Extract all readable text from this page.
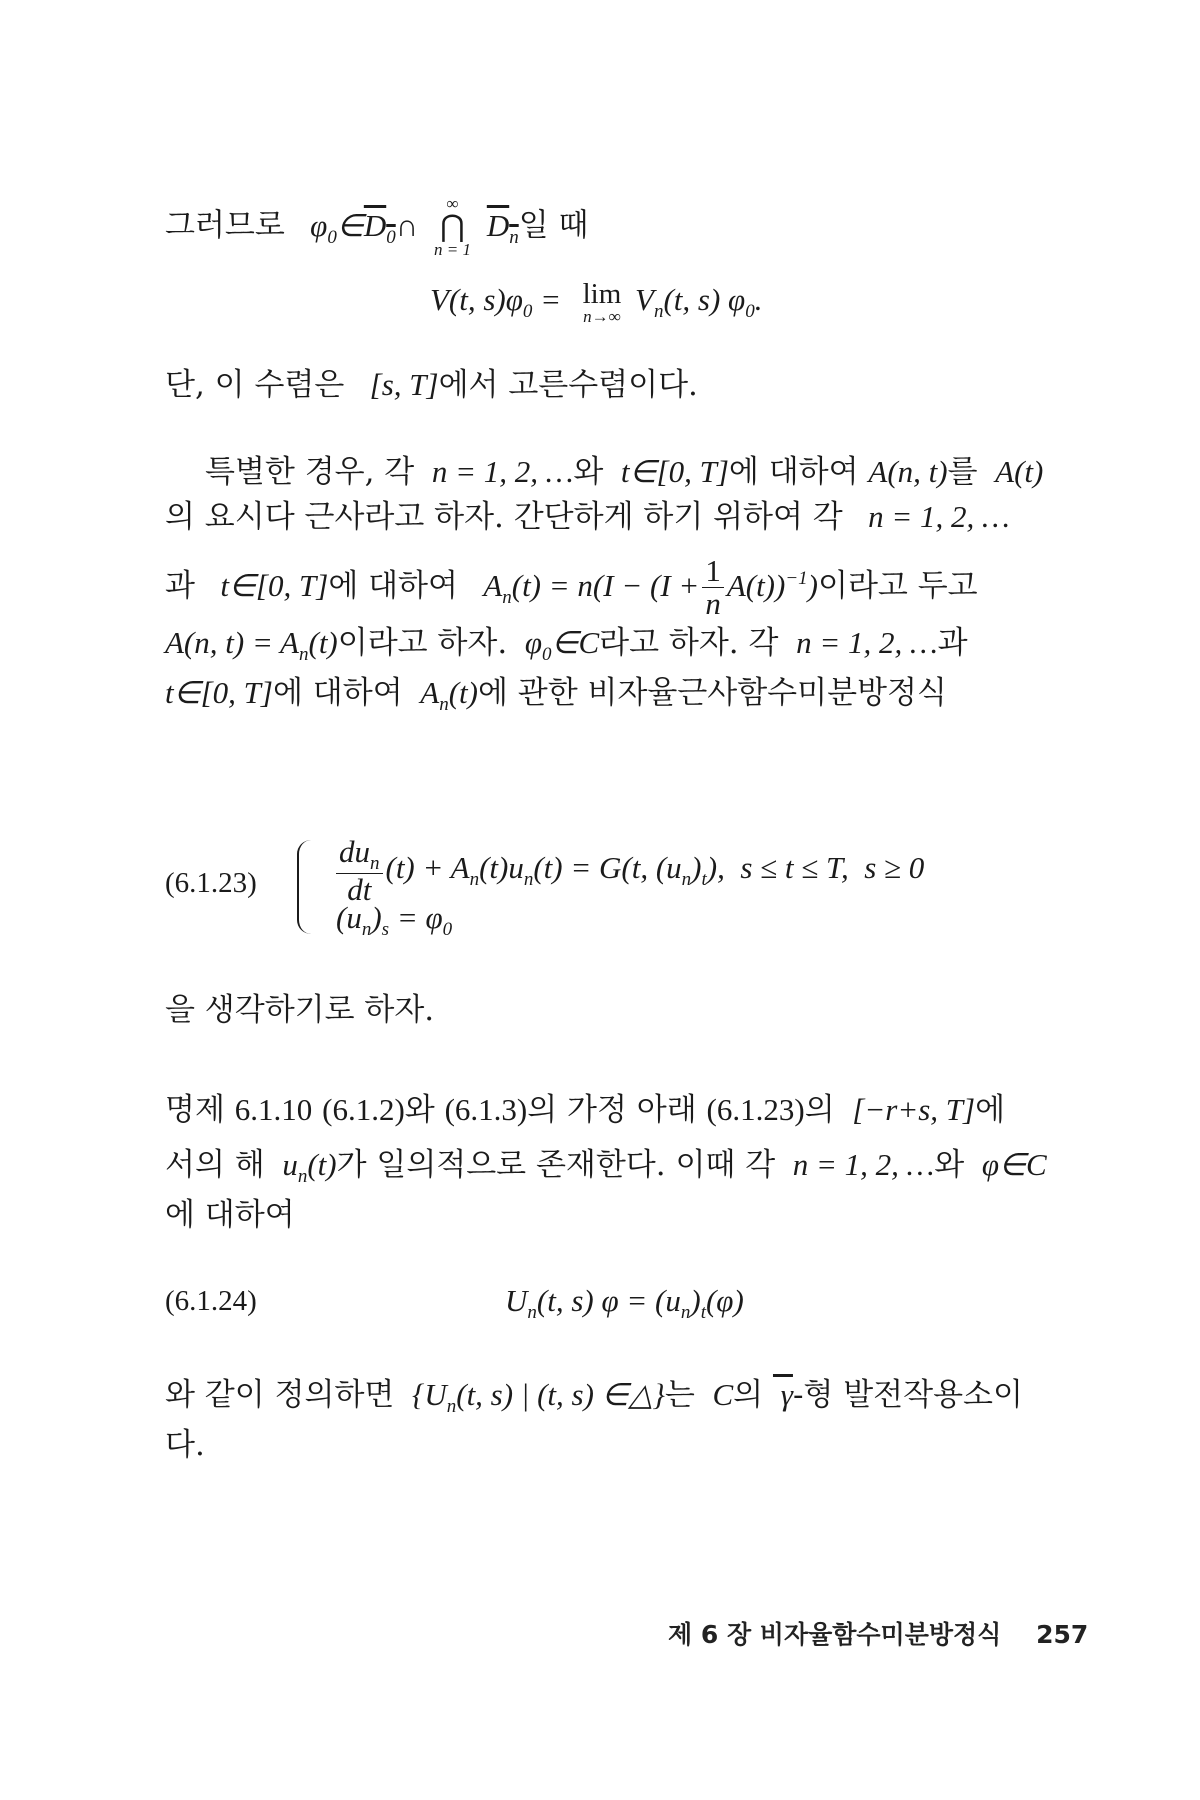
그러므로   $\varphi_0\in D_0\cap$
∞
⋂
n = 1
$D_n$일 때
V(t, $s)\varphi_0 = \lim$
n→∞ $V_n(t$, s) $\varphi_0$.
단, 이 수렴은   [s, T]에서 고른수렴이다.
특별한 경우, 각  n = 1, 2, …와  t∈[0, T]에 대하여 A(n, t)를  A(t)
의 요시다 근사라고 하자. 간단하게 하기 위하여 각   n = 1, 2, …
과   t∈[0, T]에 대하여   $A_n(t) = n(I - (I + \frac{1}{n} A(t))^{-1})$이라고 두고
A(n, $t) = A_n(t)$이라고 하자.  $\varphi_0\in C$라고 하자. 각  n = 1, 2, …과
t∈[0, T]에 대하여  $A_n(t)$에 관한 비자율근사함수미분방정식
(6.1.23)	$\frac{du_n}{dt} (t) + A_n(t)u_n(t) = G(t$, $(u_n)_t$),  s ≤ t ≤ T,  s ≥ 0
$(u_n)_s = \varphi_0$
을 생각하기로 하자.
명제 6.1.10 (6.1.2)와 (6.1.3)의 가정 아래 (6.1.23)의  [−r+s, T]에
서의 해  $u_n(t)$가 일의적으로 존재한다. 이때 각  n = 1, 2, …와  φ∈C
에 대하여
(6.1.24)	$U_n(t$, s) $\varphi = (u_n)_t(\varphi)$
와 같이 정의하면  {$U_n(t$, s) | (t, s) ∈△}는  C의  γ-형 발전작용소이
다.
제 6 장 비자율함수미분방정식 257
